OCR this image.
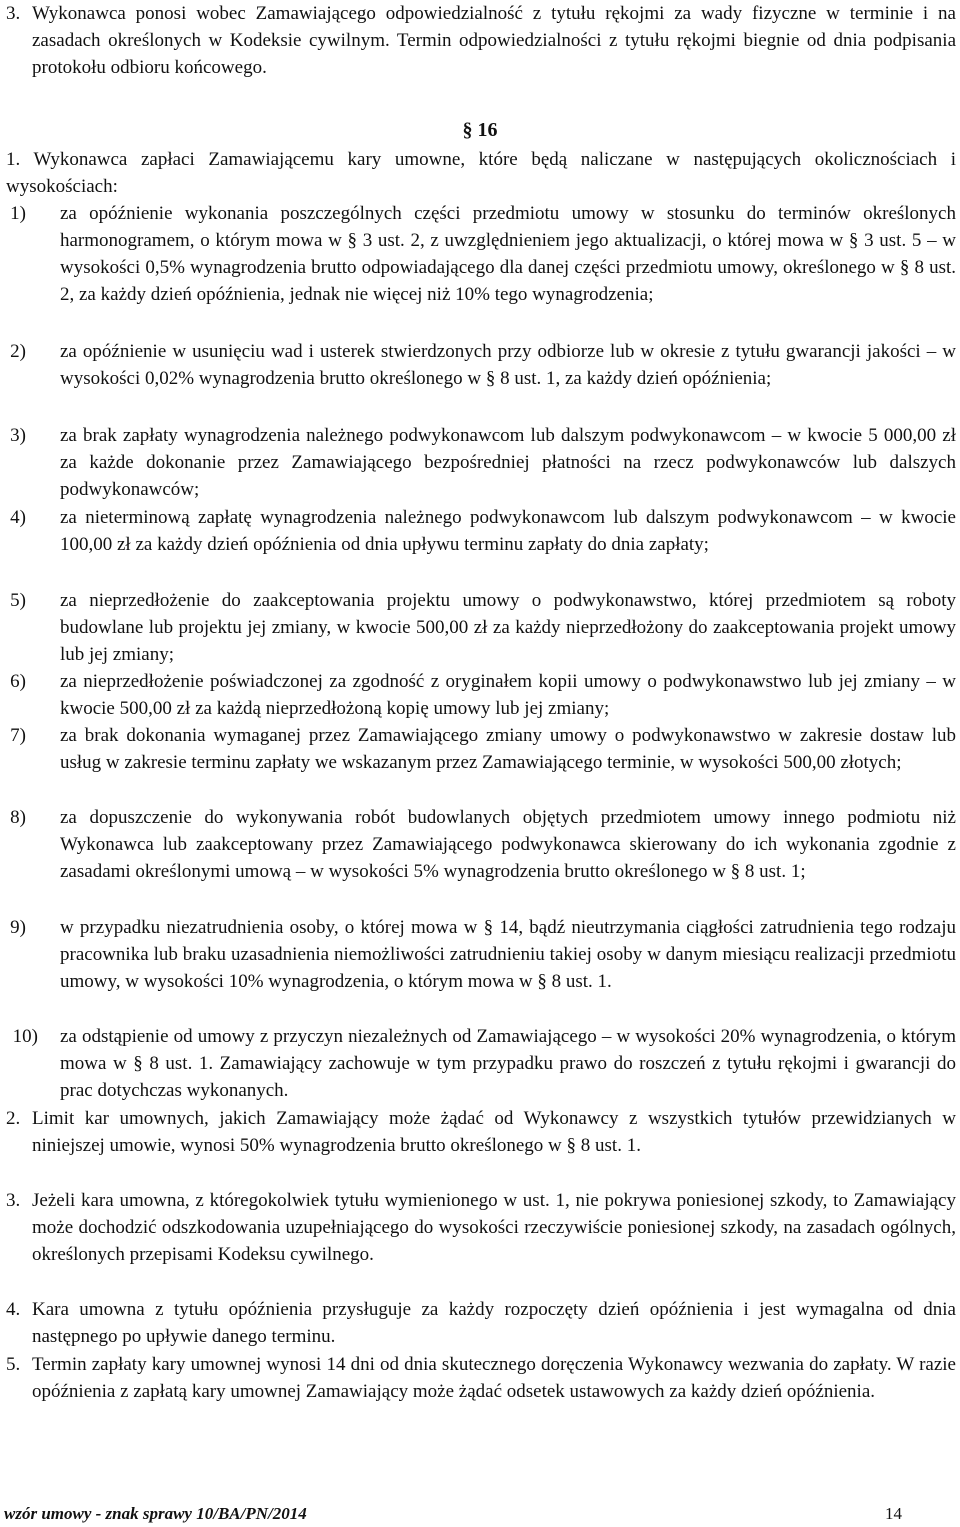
3. Wykonawca ponosi wobec Zamawiającego odpowiedzialność z tytułu rękojmi za wady fizyczne w terminie i na zasadach określonych w Kodeksie cywilnym. Termin odpowiedzialności z tytułu rękojmi biegnie od dnia podpisania protokołu odbioru końcowego.
§ 16
1. Wykonawca zapłaci Zamawiającemu kary umowne, które będą naliczane w następujących okolicznościach i wysokościach:
1) za opóźnienie wykonania poszczególnych części przedmiotu umowy w stosunku do terminów określonych harmonogramem, o którym mowa w § 3 ust. 2, z uwzględnieniem jego aktualizacji, o której mowa w § 3 ust. 5 – w wysokości 0,5% wynagrodzenia brutto odpowiadającego dla danej części przedmiotu umowy, określonego w § 8 ust. 2, za każdy dzień opóźnienia, jednak nie więcej niż 10% tego wynagrodzenia;
2) za opóźnienie w usunięciu wad i usterek stwierdzonych przy odbiorze lub w okresie z tytułu gwarancji jakości – w wysokości 0,02% wynagrodzenia brutto określonego w § 8 ust. 1, za każdy dzień opóźnienia;
3) za brak zapłaty wynagrodzenia należnego podwykonawcom lub dalszym podwykonawcom – w kwocie 5 000,00 zł za każde dokonanie przez Zamawiającego bezpośredniej płatności na rzecz podwykonawców lub dalszych podwykonawców;
4) za nieterminową zapłatę wynagrodzenia należnego podwykonawcom lub dalszym podwykonawcom – w kwocie 100,00 zł za każdy dzień opóźnienia od dnia upływu terminu zapłaty do dnia zapłaty;
5) za nieprzedłożenie do zaakceptowania projektu umowy o podwykonawstwo, której przedmiotem są roboty budowlane lub projektu jej zmiany, w kwocie 500,00 zł za każdy nieprzedłożony do zaakceptowania projekt umowy lub jej zmiany;
6) za nieprzedłożenie poświadczonej za zgodność z oryginałem kopii umowy o podwykonawstwo lub jej zmiany – w kwocie 500,00 zł za każdą nieprzedłożoną kopię umowy lub jej zmiany;
7) za brak dokonania wymaganej przez Zamawiającego zmiany umowy o podwykonawstwo w zakresie dostaw lub usług w zakresie terminu zapłaty we wskazanym przez Zamawiającego terminie, w wysokości 500,00 złotych;
8) za dopuszczenie do wykonywania robót budowlanych objętych przedmiotem umowy innego podmiotu niż Wykonawca lub zaakceptowany przez Zamawiającego podwykonawca skierowany do ich wykonania zgodnie z zasadami określonymi umową – w wysokości 5% wynagrodzenia brutto określonego w § 8 ust. 1;
9) w przypadku niezatrudnienia osoby, o której mowa w § 14, bądź nieutrzymania ciągłości zatrudnienia tego rodzaju pracownika lub braku uzasadnienia niemożliwości zatrudnieniu takiej osoby w danym miesiącu realizacji przedmiotu umowy, w wysokości 10% wynagrodzenia, o którym mowa w § 8 ust. 1.
10) za odstąpienie od umowy z przyczyn niezależnych od Zamawiającego – w wysokości 20% wynagrodzenia, o którym mowa w § 8 ust. 1. Zamawiający zachowuje w tym przypadku prawo do roszczeń z tytułu rękojmi i gwarancji do prac dotychczas wykonanych.
2. Limit kar umownych, jakich Zamawiający może żądać od Wykonawcy z wszystkich tytułów przewidzianych w niniejszej umowie, wynosi 50% wynagrodzenia brutto określonego w § 8 ust. 1.
3. Jeżeli kara umowna, z któregokolwiek tytułu wymienionego w ust. 1, nie pokrywa poniesionej szkody, to Zamawiający może dochodzić odszkodowania uzupełniającego do wysokości rzeczywiście poniesionej szkody, na zasadach ogólnych, określonych przepisami Kodeksu cywilnego.
4. Kara umowna z tytułu opóźnienia przysługuje za każdy rozpoczęty dzień opóźnienia i jest wymagalna od dnia następnego po upływie danego terminu.
5. Termin zapłaty kary umownej wynosi 14 dni od dnia skutecznego doręczenia Wykonawcy wezwania do zapłaty. W razie opóźnienia z zapłatą kary umownej Zamawiający może żądać odsetek ustawowych za każdy dzień opóźnienia.
wzór umowy - znak sprawy 10/BA/PN/2014	14
